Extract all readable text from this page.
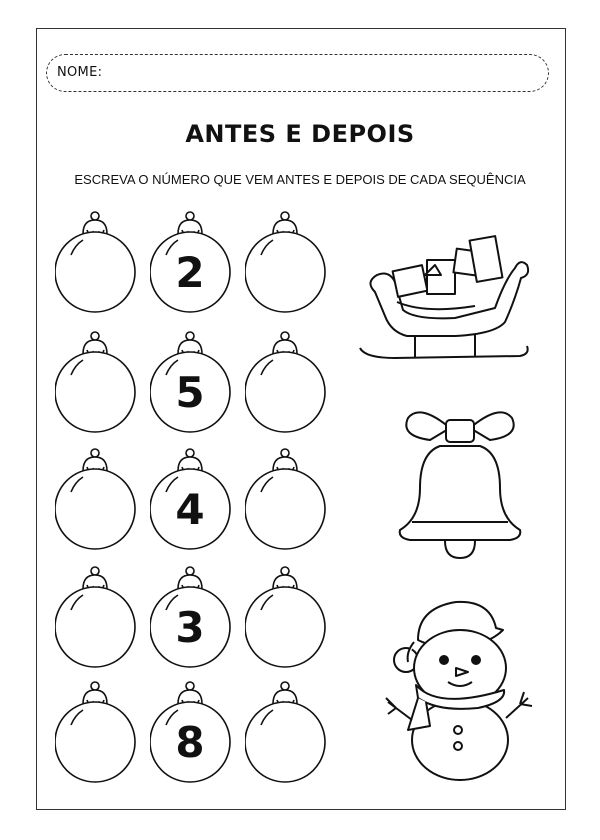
NOME:
ANTES E DEPOIS
ESCREVA O NÚMERO QUE VEM ANTES E DEPOIS DE CADA SEQUÊNCIA
2
5
4
3
8
